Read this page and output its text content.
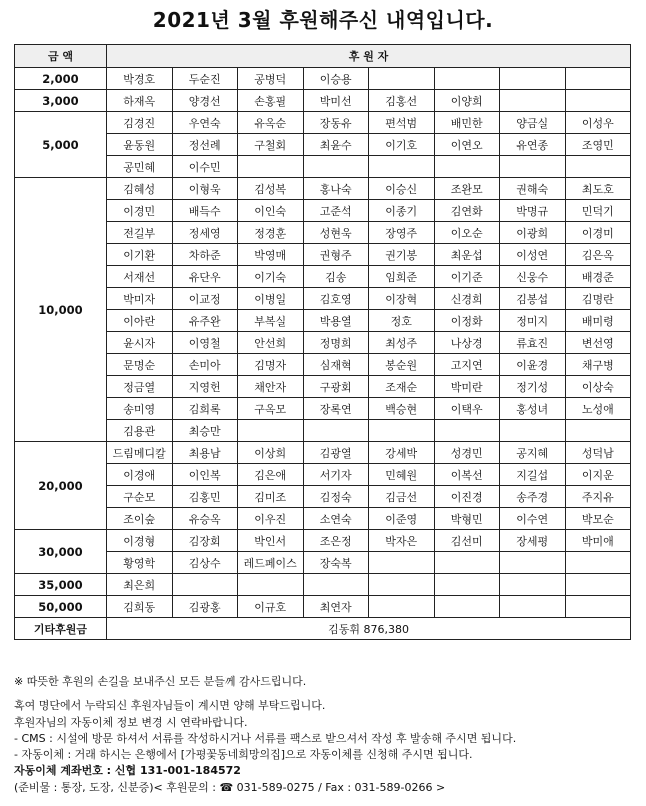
2021년 3월 후원해주신 내역입니다.
금 액	후 원 자							
2,000	박경호	두순진	공병덕	이승용				
3,000	하재옥	양경선	손홍필	박미선	김홍선	이양희		
5,000	김경진	우연숙	유옥순	장동유	편석범	배민한	양금실	이성우
	윤동원	정선례	구철회	최윤수	이기호	이연오	유연종	조영민
	공민혜	이수민						
10,000	김혜성	이형욱	김성복	홍나숙	이승신	조완모	권해숙	최도호
	이경민	배득수	이인숙	고준석	이종기	김연화	박명규	민덕기
	전길부	정세영	정경훈	성현욱	장영주	이오순	이광희	이경미
	이기환	차하준	박영매	권형주	권기봉	최운섭	이성연	김은옥
	서재선	유단우	이기숙	김송	임희준	이기준	신웅수	배경준
	박미자	이교정	이병일	김호영	이장혁	신경희	김봉섭	김명란
	이아란	유주완	부복실	박용열	정호	이정화	정미지	배미령
	윤시자	이영철	안선희	정명희	최성주	나상경	류효진	변선영
	문명순	손미아	김명자	심재혁	봉순원	고지연	이윤경	채구병
	정금열	지영헌	채안자	구광회	조재순	박미란	정기성	이상숙
	송미영	김희록	구옥모	장록연	백승현	이택우	홍성녀	노성애
	김용관	최승만						
20,000	드림메디칼	최용남	이상희	김광열	강세박	성경민	공지혜	성덕남
	이경애	이인복	김은애	서기자	민혜원	이복선	지길섭	이지운
	구순모	김홍민	김미조	김정숙	김금선	이진경	송주경	주지유
	조이숲	유승옥	이우진	소연숙	이준영	박형민	이수연	박모순
30,000	이경형	김장회	박인서	조은정	박자은	김선미	장세평	박미애
	황영학	김상수	레드페이스	장숙복				
35,000	최은희							
50,000	김희동	김광홍	이규호	최연자				
기타후원금	김동휘 876,380							
※ 따뜻한 후원의 손길을 보내주신 모든 분들께 감사드립니다.
혹여 명단에서 누락되신 후원자님들이 계시면 양해 부탁드립니다.
후원자님의 자동이체 정보 변경 시 연락바랍니다.
- CMS : 시설에 방문 하셔서 서류를 작성하시거나 서류를 팩스로 받으셔서 작성 후 발송해 주시면 됩니다.
- 자동이체 : 거래 하시는 은행에서 [가평꽃동네희망의집]으로 자동이체를 신청해 주시면 됩니다.
자동이체 계좌번호 : 신협 131-001-184572
(준비물 : 통장, 도장, 신분증)< 후원문의 : ☎ 031-589-0275 / Fax : 031-589-0266 >
